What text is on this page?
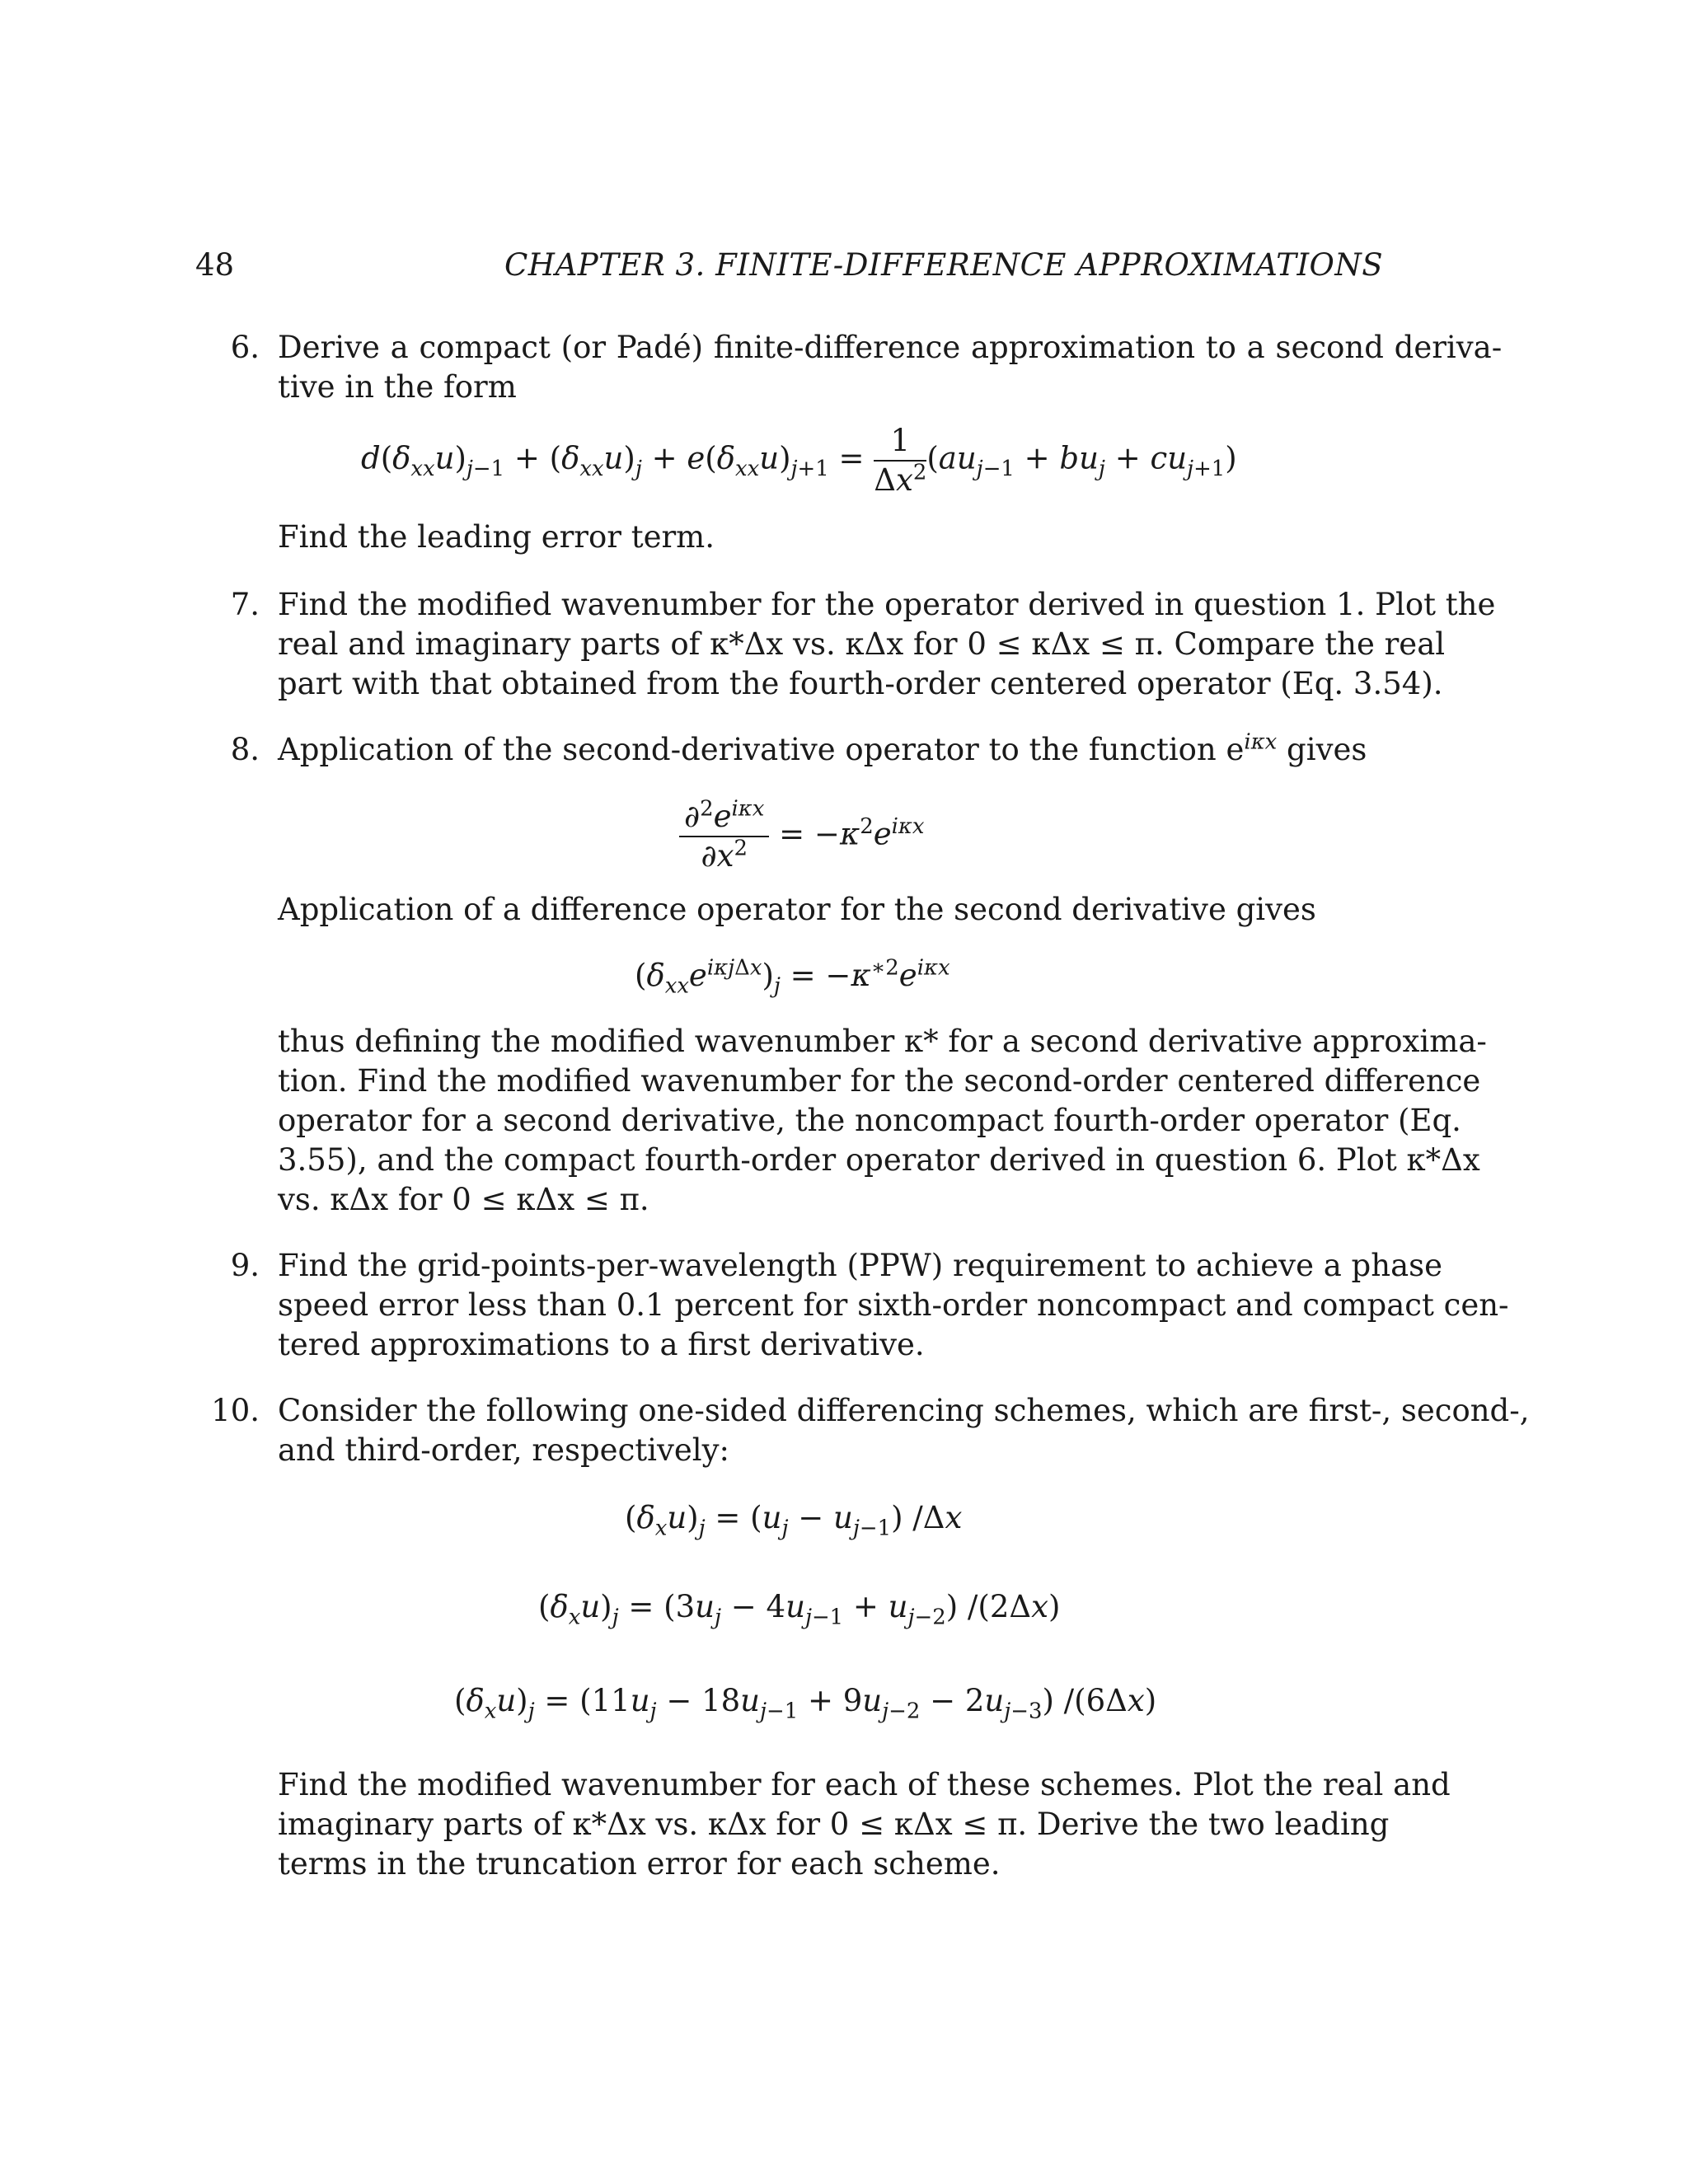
48	CHAPTER 3. FINITE-DIFFERENCE APPROXIMATIONS
6. Derive a compact (or Padé) finite-difference approximation to a second deriva-
tive in the form
$d(\delta_{xx}u)_{j-1} + (\delta_{xx}u)_j + e(\delta_{xx}u)_{j+1} = \frac{1}{\Delta x^2} (au_{j-1} + bu_j + cu_{j+1})$
Find the leading error term.
7. Find the modified wavenumber for the operator derived in question 1. Plot the
real and imaginary parts of κ*Δx vs. κΔx for 0 ≤ κΔx ≤ π. Compare the real
part with that obtained from the fourth-order centered operator (Eq. 3.54).
8. Application of the second-derivative operator to the function $e^{i\kappa x}$ gives
$\frac{\partial^2e^{i\kappa x}}{\partial x^2} = -\kappa^2e^{i\kappa x}$
Application of a difference operator for the second derivative gives
$(\delta_{xx}e^{i\kappa j\Delta x})_j = -\kappa^{∗2}e^{i\kappa x}$
thus defining the modified wavenumber κ* for a second derivative approxima-
tion. Find the modified wavenumber for the second-order centered difference
operator for a second derivative, the noncompact fourth-order operator (Eq.
3.55), and the compact fourth-order operator derived in question 6. Plot κ*Δx
vs. κΔx for 0 ≤ κΔx ≤ π.
9. Find the grid-points-per-wavelength (PPW) requirement to achieve a phase
speed error less than 0.1 percent for sixth-order noncompact and compact cen-
tered approximations to a first derivative.
10. Consider the following one-sided differencing schemes, which are first-, second-,
and third-order, respectively:
$(\delta_xu)_j = (u_j - u_{j-1})$ /Δx
$(\delta_xu)_j = (3u_j - 4u_{j-1} + u_{j-2})$ /(2Δx)
$(\delta_xu)_j = (11u_j - 18u_{j-1} + 9u_{j-2} - 2u_{j-3})$ /(6Δx)
Find the modified wavenumber for each of these schemes. Plot the real and
imaginary parts of κ*Δx vs. κΔx for 0 ≤ κΔx ≤ π. Derive the two leading
terms in the truncation error for each scheme.
